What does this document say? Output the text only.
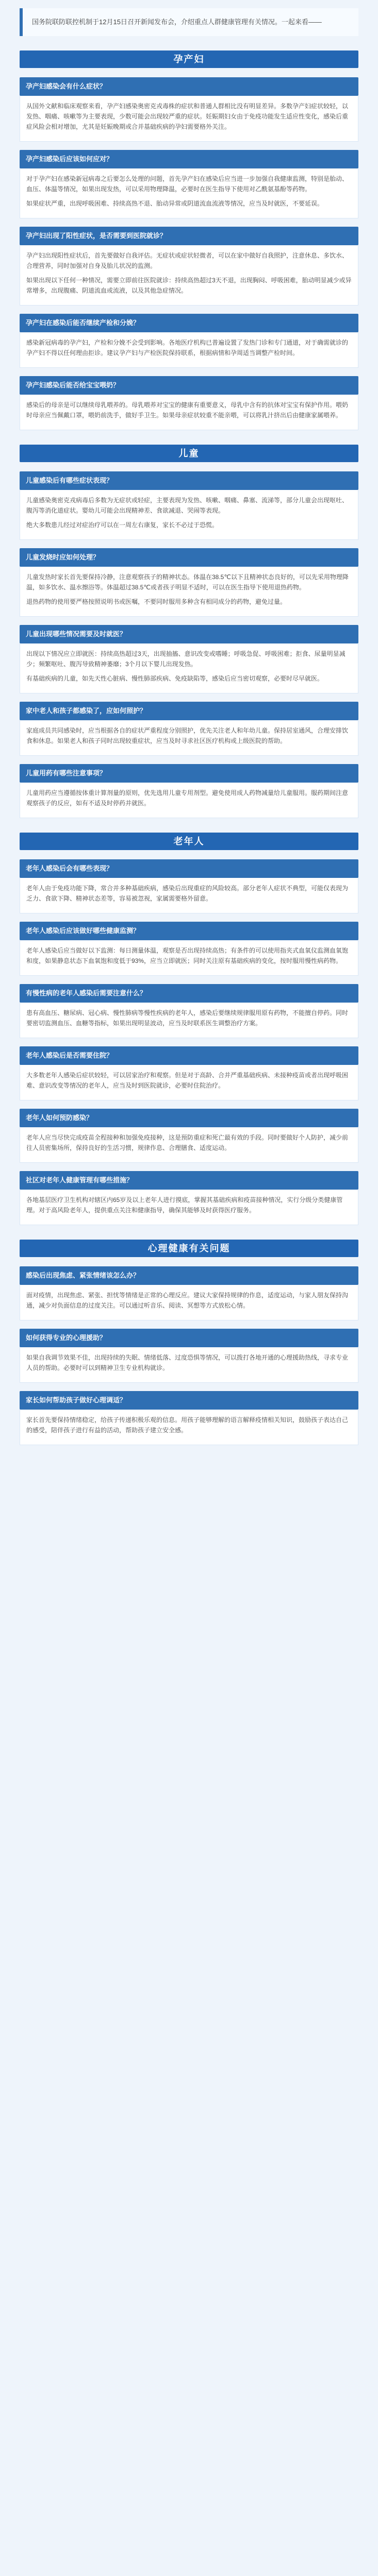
国务院联防联控机制于12月15日召开新闻发布会，介绍重点人群健康管理有关情况。一起来看——
孕产妇
孕产妇感染会有什么症状？

从国外文献和临床观察来看，孕产妇感染奥密克戎毒株的症状和普通人群相比没有明显差异。多数孕产妇症状较轻，以发热、咽痛、咳嗽等为主要表现，少数可能会出现较严重的症状。妊娠期妇女由于免疫功能发生适应性变化，感染后重症风险会相对增加，尤其是妊娠晚期或合并基础疾病的孕妇需要格外关注。

孕产妇感染后应该如何应对？

对于孕产妇在感染新冠病毒之后要怎么处理的问题，首先孕产妇在感染后应当进一步加强自我健康监测，特别是胎动、血压、体温等情况，如果出现发热，可以采用物理降温，必要时在医生指导下使用对乙酰氨基酚等药物。

如果症状严重，出现呼吸困难、持续高热不退、胎动异常或阴道流血流液等情况，应当及时就医，不要延误。

孕产妇出现了阳性症状，是否需要到医院就诊？

孕产妇出现阳性症状后，首先要做好自我评估。无症状或症状轻微者，可以在家中做好自我照护，注意休息、多饮水、合理营养，同时加强对自身及胎儿状况的监测。

如果出现以下任何一种情况，需要立即前往医院就诊：持续高热超过3天不退，出现胸闷、呼吸困难，胎动明显减少或异常增多，出现腹痛、阴道流血或流液，以及其他急症情况。

孕产妇在感染后能否继续产检和分娩？

感染新冠病毒的孕产妇，产检和分娩不会受到影响。各地医疗机构已普遍设置了发热门诊和专门通道，对于确需就诊的孕产妇不得以任何理由拒诊。建议孕产妇与产检医院保持联系，根据病情和孕周适当调整产检时间。

孕产妇感染后能否给宝宝喂奶？

感染后的母亲是可以继续母乳喂养的。母乳喂养对宝宝的健康有重要意义，母乳中含有的抗体对宝宝有保护作用。喂奶时母亲应当佩戴口罩，喂奶前洗手，做好手卫生。如果母亲症状较重不能亲喂，可以将乳汁挤出后由健康家属喂养。

儿童
儿童感染后有哪些症状表现？

儿童感染奥密克戎病毒后多数为无症状或轻症，主要表现为发热、咳嗽、咽痛、鼻塞、流涕等，部分儿童会出现呕吐、腹泻等消化道症状。婴幼儿可能会出现精神差、食欲减退、哭闹等表现。

绝大多数患儿经过对症治疗可以在一周左右康复，家长不必过于恐慌。

儿童发烧时应如何处理？

儿童发热时家长首先要保持冷静，注意观察孩子的精神状态。体温在38.5℃以下且精神状态良好的，可以先采用物理降温，如多饮水、温水擦浴等。体温超过38.5℃或者孩子明显不适时，可以在医生指导下使用退热药物。

退热药物的使用要严格按照说明书或医嘱，不要同时服用多种含有相同成分的药物，避免过量。

儿童出现哪些情况需要及时就医？

出现以下情况应立即就医：持续高热超过3天，出现抽搐、意识改变或嗜睡；呼吸急促、呼吸困难；拒食、尿量明显减少；频繁呕吐、腹泻导致精神萎靡；3个月以下婴儿出现发热。

有基础疾病的儿童，如先天性心脏病、慢性肺部疾病、免疫缺陷等，感染后应当密切观察，必要时尽早就医。

家中老人和孩子都感染了，应如何照护？

家庭成员共同感染时，应当根据各自的症状严重程度分别照护，优先关注老人和年幼儿童。保持居室通风，合理安排饮食和休息。如果老人和孩子同时出现较重症状，应当及时寻求社区医疗机构或上级医院的帮助。

儿童用药有哪些注意事项？

儿童用药应当遵循按体重计算剂量的原则，优先选用儿童专用剂型。避免使用成人药物减量给儿童服用。服药期间注意观察孩子的反应，如有不适及时停药并就医。

老年人
老年人感染后会有哪些表现？

老年人由于免疫功能下降，常合并多种基础疾病，感染后出现重症的风险较高。部分老年人症状不典型，可能仅表现为乏力、食欲下降、精神状态差等，容易被忽视，家属需要格外留意。

老年人感染后应该做好哪些健康监测？

老年人感染后应当做好以下监测：每日测量体温，观察是否出现持续高热；有条件的可以使用指夹式血氧仪监测血氧饱和度，如果静息状态下血氧饱和度低于93%，应当立即就医；同时关注原有基础疾病的变化，按时服用慢性病药物。

有慢性病的老年人感染后需要注意什么？

患有高血压、糖尿病、冠心病、慢性肺病等慢性疾病的老年人，感染后要继续规律服用原有药物，不能擅自停药。同时要密切监测血压、血糖等指标，如果出现明显波动，应当及时联系医生调整治疗方案。

老年人感染后是否需要住院？

大多数老年人感染后症状较轻，可以居家治疗和观察。但是对于高龄、合并严重基础疾病、未接种疫苗或者出现呼吸困难、意识改变等情况的老年人，应当及时到医院就诊，必要时住院治疗。

老年人如何预防感染？

老年人应当尽快完成疫苗全程接种和加强免疫接种，这是预防重症和死亡最有效的手段。同时要做好个人防护，减少前往人员密集场所，保持良好的生活习惯，规律作息、合理膳食、适度运动。

社区对老年人健康管理有哪些措施？

各地基层医疗卫生机构对辖区内65岁及以上老年人进行摸底，掌握其基础疾病和疫苗接种情况，实行分级分类健康管理。对于高风险老年人，提供重点关注和健康指导，确保其能够及时获得医疗服务。

心理健康有关问题
感染后出现焦虑、紧张情绪该怎么办？

面对疫情，出现焦虑、紧张、担忧等情绪是正常的心理反应。建议大家保持规律的作息，适度运动，与家人朋友保持沟通，减少对负面信息的过度关注。可以通过听音乐、阅读、冥想等方式放松心情。

如何获得专业的心理援助？

如果自我调节效果不佳，出现持续的失眠、情绪低落、过度恐惧等情况，可以拨打各地开通的心理援助热线，寻求专业人员的帮助。必要时可以到精神卫生专业机构就诊。

家长如何帮助孩子做好心理调适？

家长首先要保持情绪稳定，给孩子传递积极乐观的信息。用孩子能够理解的语言解释疫情相关知识，鼓励孩子表达自己的感受，陪伴孩子进行有益的活动，帮助孩子建立安全感。
